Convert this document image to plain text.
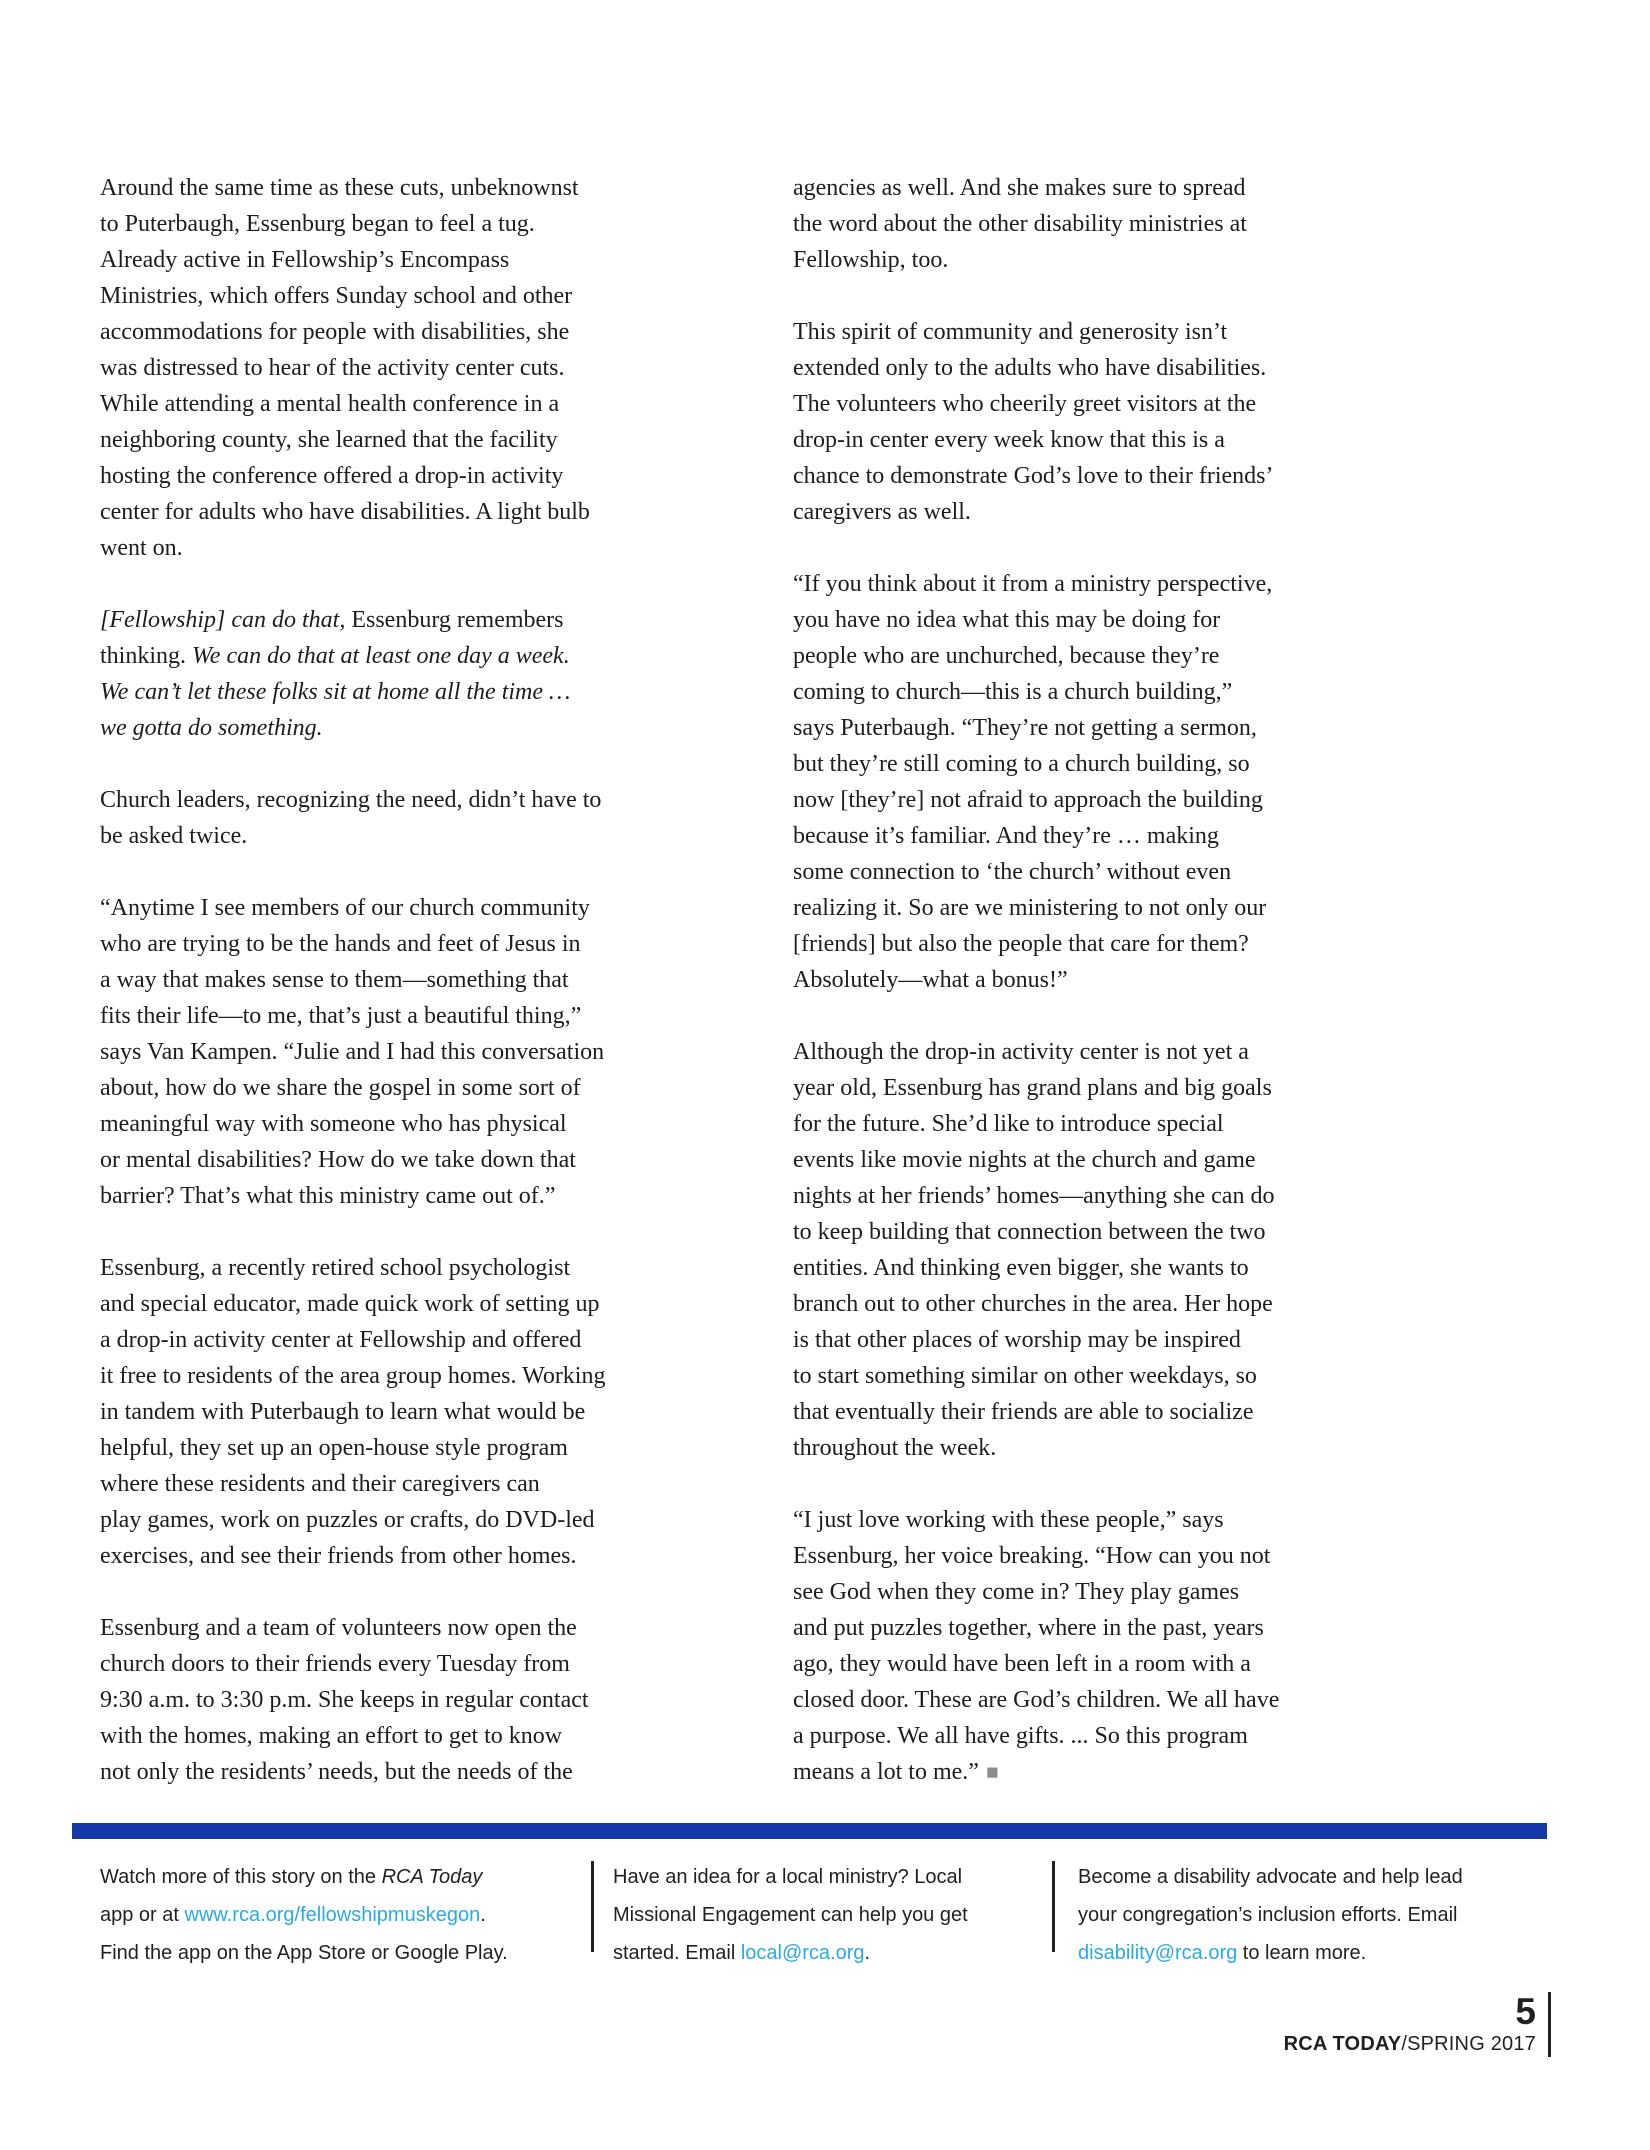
Around the same time as these cuts, unbeknownst
to Puterbaugh, Essenburg began to feel a tug.
Already active in Fellowship’s Encompass
Ministries, which offers Sunday school and other
accommodations for people with disabilities, she
was distressed to hear of the activity center cuts.
While attending a mental health conference in a
neighboring county, she learned that the facility
hosting the conference offered a drop-in activity
center for adults who have disabilities. A light bulb
went on.
[Fellowship] can do that, Essenburg remembers
thinking. We can do that at least one day a week.
We can’t let these folks sit at home all the time …
we gotta do something.
Church leaders, recognizing the need, didn’t have to
be asked twice.
“Anytime I see members of our church community
who are trying to be the hands and feet of Jesus in
a way that makes sense to them—something that
fits their life—to me, that’s just a beautiful thing,”
says Van Kampen. “Julie and I had this conversation
about, how do we share the gospel in some sort of
meaningful way with someone who has physical
or mental disabilities? How do we take down that
barrier? That’s what this ministry came out of.”
Essenburg, a recently retired school psychologist
and special educator, made quick work of setting up
a drop-in activity center at Fellowship and offered
it free to residents of the area group homes. Working
in tandem with Puterbaugh to learn what would be
helpful, they set up an open-house style program
where these residents and their caregivers can
play games, work on puzzles or crafts, do DVD-led
exercises, and see their friends from other homes.
Essenburg and a team of volunteers now open the
church doors to their friends every Tuesday from
9:30 a.m. to 3:30 p.m. She keeps in regular contact
with the homes, making an effort to get to know
not only the residents’ needs, but the needs of the
agencies as well. And she makes sure to spread
the word about the other disability ministries at
Fellowship, too.
This spirit of community and generosity isn’t
extended only to the adults who have disabilities.
The volunteers who cheerily greet visitors at the
drop-in center every week know that this is a
chance to demonstrate God’s love to their friends’
caregivers as well.
“If you think about it from a ministry perspective,
you have no idea what this may be doing for
people who are unchurched, because they’re
coming to church—this is a church building,”
says Puterbaugh. “They’re not getting a sermon,
but they’re still coming to a church building, so
now [they’re] not afraid to approach the building
because it’s familiar. And they’re … making
some connection to ‘the church’ without even
realizing it. So are we ministering to not only our
[friends] but also the people that care for them?
Absolutely—what a bonus!”
Although the drop-in activity center is not yet a
year old, Essenburg has grand plans and big goals
for the future. She’d like to introduce special
events like movie nights at the church and game
nights at her friends’ homes—anything she can do
to keep building that connection between the two
entities. And thinking even bigger, she wants to
branch out to other churches in the area. Her hope
is that other places of worship may be inspired
to start something similar on other weekdays, so
that eventually their friends are able to socialize
throughout the week.
“I just love working with these people,” says
Essenburg, her voice breaking. “How can you not
see God when they come in? They play games
and put puzzles together, where in the past, years
ago, they would have been left in a room with a
closed door. These are God’s children. We all have
a purpose. We all have gifts. ... So this program
means a lot to me.” ■
Watch more of this story on the RCA Today
app or at www.rca.org/fellowshipmuskegon.
Find the app on the App Store or Google Play.
Have an idea for a local ministry? Local
Missional Engagement can help you get
started. Email local@rca.org.
Become a disability advocate and help lead
your congregation’s inclusion efforts. Email
disability@rca.org to learn more.
5
RCA TODAY/SPRING 2017
